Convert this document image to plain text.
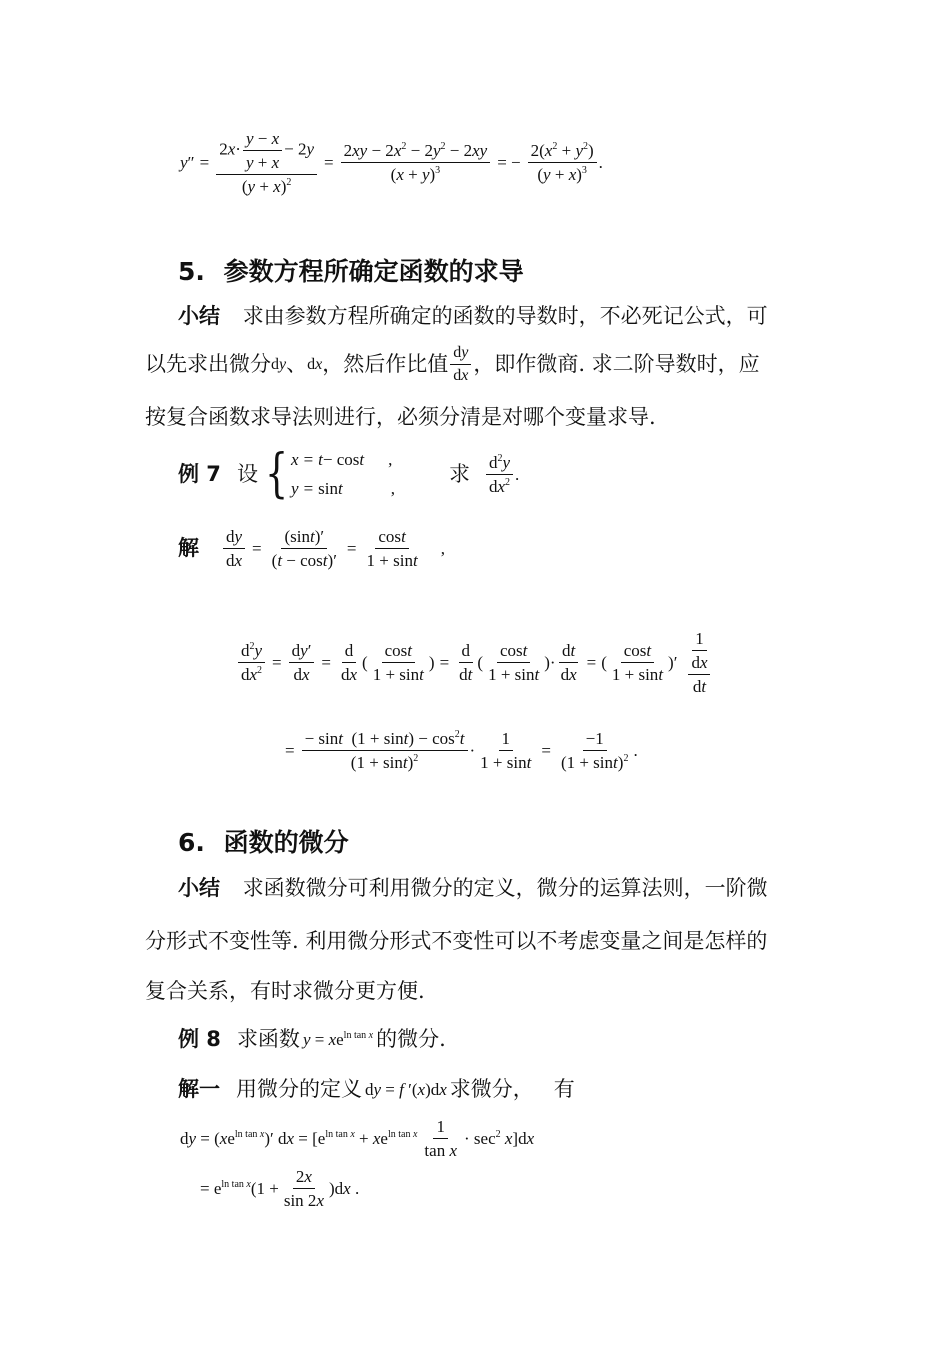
$y'' = \frac{2x\cdot \frac{y - x}{y + x} - 2y}{(y + x)^2} = \frac{2xy - 2x^2 - 2y^2 - 2xy}{(x + y)^3}$ = − $\frac{2(x^2 + y^2)}{(y + x)^3}$ .
5. 参数方程所确定函数的求导
小结 求由参数方程所确定的函数的导数时，不必死记公式，可
以先求出微分 dy 、 dx ，然后作比值 $\frac{dy}{dx}$ ，即作微商. 求二阶导数时，应
按复合函数求导法则进行，必须分清是对哪个变量求导.
例 7 设 { x = t − cos t ,
y = sin t	,
求 $\frac{d^2y}{dx^2}$ .
解 $\frac{dy}{dx} = \frac{(\sin t)'}{(t - \cos t)'} = \frac{\cos t}{1 + \sin t}$ ,
$\frac{d^2y}{dx^2} = \frac{dy'}{dx} = \frac{d}{dx}$ ( $\frac{\cos t}{1 + \sin t}$ ) = $\frac{d}{dt}$ ( $\frac{\cos t}{1 + \sin t}$ )· $\frac{dt}{dx}$ = ( $\frac{\cos t}{1 + \sin t}$ )′ $\frac{1}{\frac{dx}{dt}}$
= $\frac{- \sin t (1 + \sin t) - \cos^2t}{(1 + \sin t)^2} \cdot \frac{1}{1 + \sin t} = \frac{-1}{(1 + \sin t)^2}$ .
6. 函数的微分
小结 求函数微分可利用微分的定义，微分的运算法则，一阶微
分形式不变性等. 利用微分形式不变性可以不考虑变量之间是怎样的
复合关系，有时求微分更方便.
例 8 求函数 $y = xe^{ln tan x}$ 的微分.
解一 用微分的定义 dy = f ′(x)dx 求微分， 有
dy = $(xe^{ln tan x})'$ dx = $[e^{ln tan x} + xe^{ln tan x} \frac{1}{\text{tan x}} \cdot \sec^2 x]dx$
= $e^{ln tan x}(1 + \frac{2x}{\sin 2x} )dx$ .
